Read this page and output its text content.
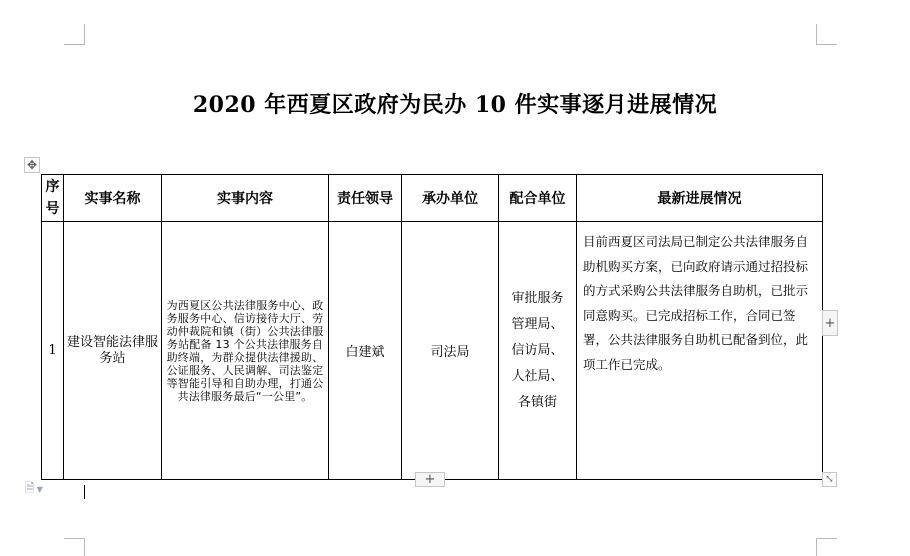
2020 年西夏区政府为民办 10 件实事逐月进展情况
✥
序
号	实事名称	实事内容	责任领导	承办单位	配合单位	最新进展情况
1	建设智能法律服务站	为西夏区公共法律服务中心、政务服务中心、信访接待大厅、劳动仲裁院和镇（街）公共法律服务站配备 13 个公共法律服务自助终端，为群众提供法律援助、公证服务、人民调解、司法鉴定等智能引导和自助办理，打通公共法律服务最后“一公里”。	白建斌	司法局	审批服务
管理局、
信访局、
人社局、
各镇街	目前西夏区司法局已制定公共法律服务自助机购买方案，已向政府请示通过招投标的方式采购公共法律服务自助机，已批示同意购买。已完成招标工作，合同已签署，公共法律服务自助机已配备到位，此项工作已完成。
+
+	⤡
🗎 ▼
